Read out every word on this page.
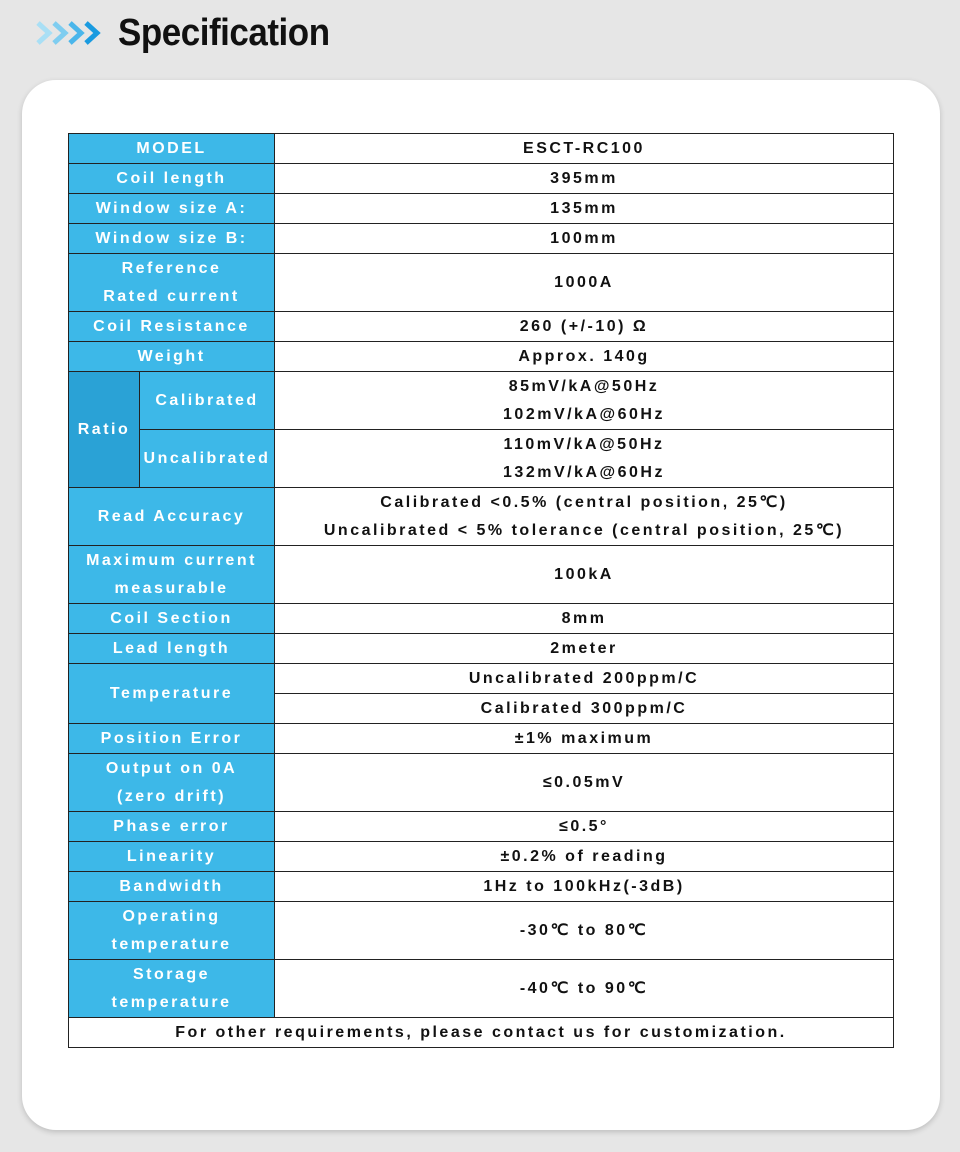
Specification
MODEL		ESCT-RC100
Coil length		395mm
Window size A:		135mm
Window size B:		100mm

Reference
Rated current		1000A
Coil Resistance		260 (+/-10) Ω
Weight		Approx. 140g
Ratio	Calibrated	85mV/kA@50Hz
102mV/kA@60Hz

	Uncalibrated	110mV/kA@50Hz
132mV/kA@60Hz

Read Accuracy		Calibrated <0.5% (central position, 25℃)
Uncalibrated < 5% tolerance (central position, 25℃)

Maximum current
measurable		100kA
Coil Section		8mm
Lead length		2meter
Temperature		Uncalibrated 200ppm/C
		Calibrated 300ppm/C
Position Error		±1% maximum

Output on 0A
(zero drift)		≤0.05mV
Phase error		≤0.5°
Linearity		±0.2% of reading
Bandwidth		1Hz to 100kHz(-3dB)

Operating
temperature		-30℃ to 80℃

Storage
temperature		-40℃ to 90℃
For other requirements, please contact us for customization.		
